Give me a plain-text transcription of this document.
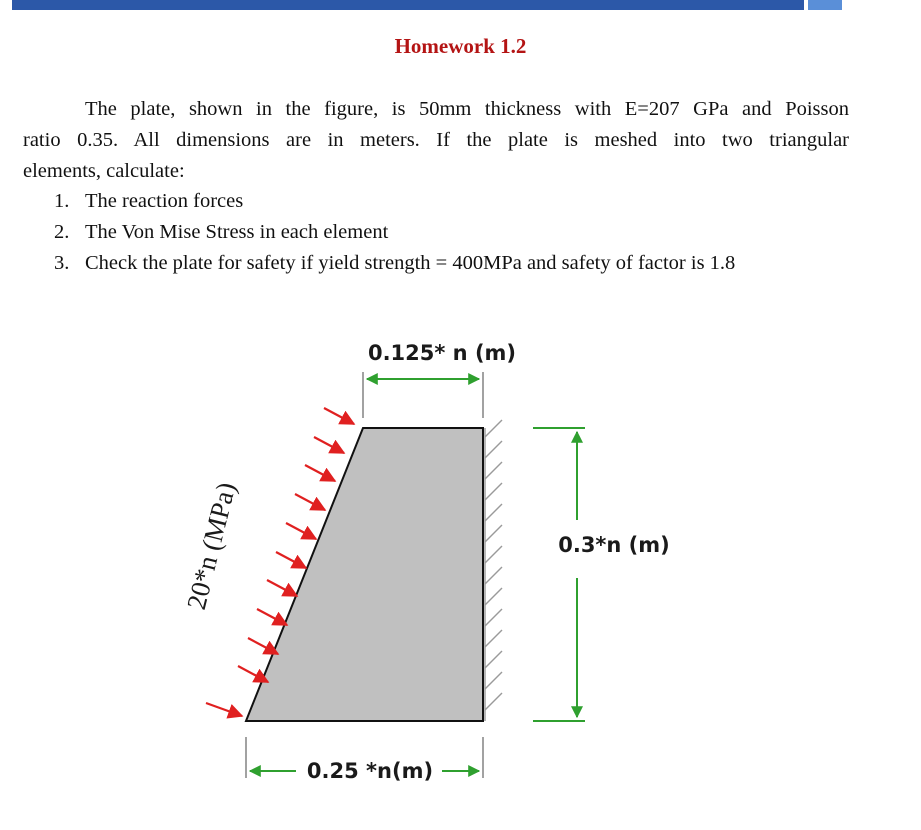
Homework 1.2
The plate, shown in the figure, is 50mm thickness with E=207 GPa and Poisson
ratio 0.35. All dimensions are in meters. If the plate is meshed into two triangular
elements, calculate:
1. The reaction forces
2. The Von Mise Stress in each element
3. Check the plate for safety if yield strength = 400MPa and safety of factor is 1.8
20*n (MPa)
0.125* n (m)
0.3*n (m)
0.25 *n(m)
